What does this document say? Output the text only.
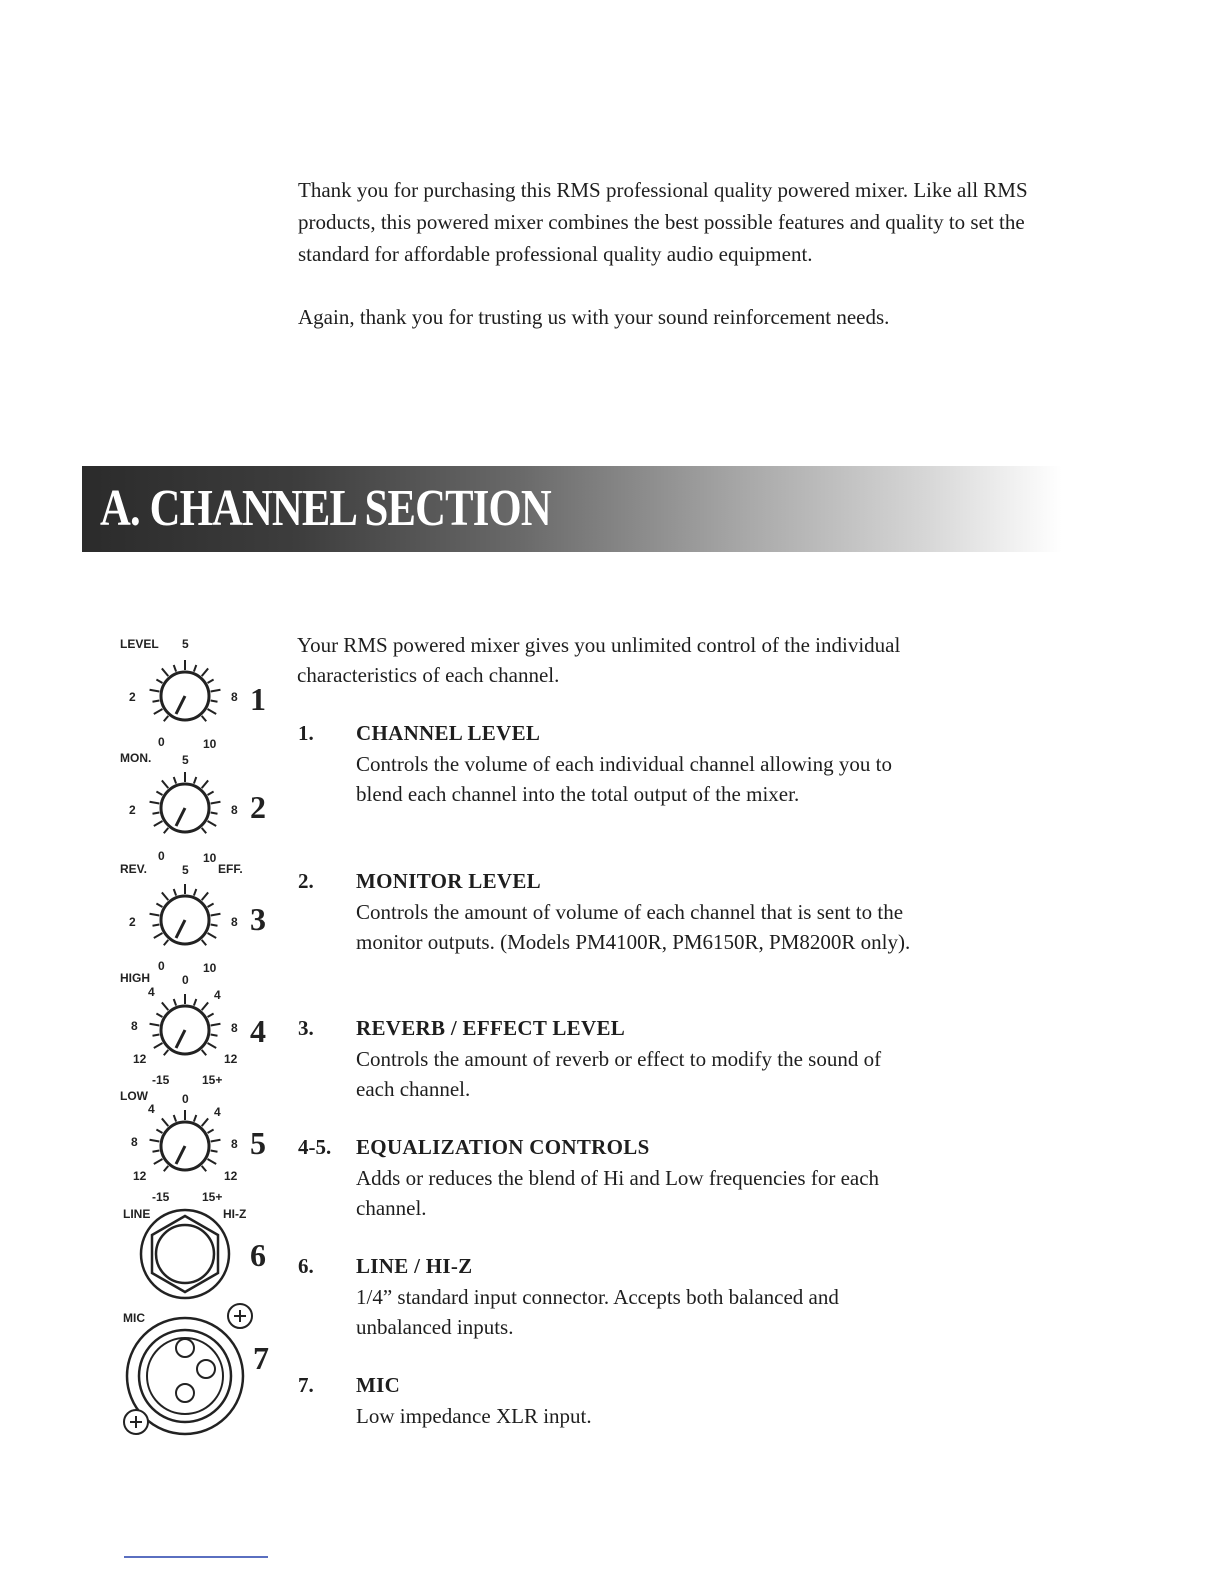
Thank you for purchasing this RMS professional quality powered mixer. Like all RMS products, this powered mixer combines the best possible features and quality to set the standard for affordable professional quality audio equipment.

Again, thank you for trusting us with your sound reinforcement needs.

A. CHANNEL SECTION
LEVEL 5
2	8
0	10
1
MON.	5
2	8
0	10
2
REV.	5 EFF.
2	8
0	10
3
HIGH	0
4	4
8	8
12	12
-15	15+
4
LOW	0
4	4
8	8
12	12
-15	15+
5
LINE	HI-Z
6
MIC
7
Your RMS powered mixer gives you unlimited control of the individual characteristics of each channel.
1. CHANNEL LEVEL
Controls the volume of each individual channel allowing you to blend each channel into the total output of the mixer.
2. MONITOR LEVEL
Controls the amount of volume of each channel that is sent to the monitor outputs. (Models PM4100R, PM6150R, PM8200R only).
3. REVERB / EFFECT LEVEL
Controls the amount of reverb or effect to modify the sound of each channel.
4-5. EQUALIZATION CONTROLS
Adds or reduces the blend of Hi and Low frequencies for each channel.
6. LINE / HI-Z
1/4” standard input connector. Accepts both balanced and unbalanced inputs.
7. MIC
Low impedance XLR input.
